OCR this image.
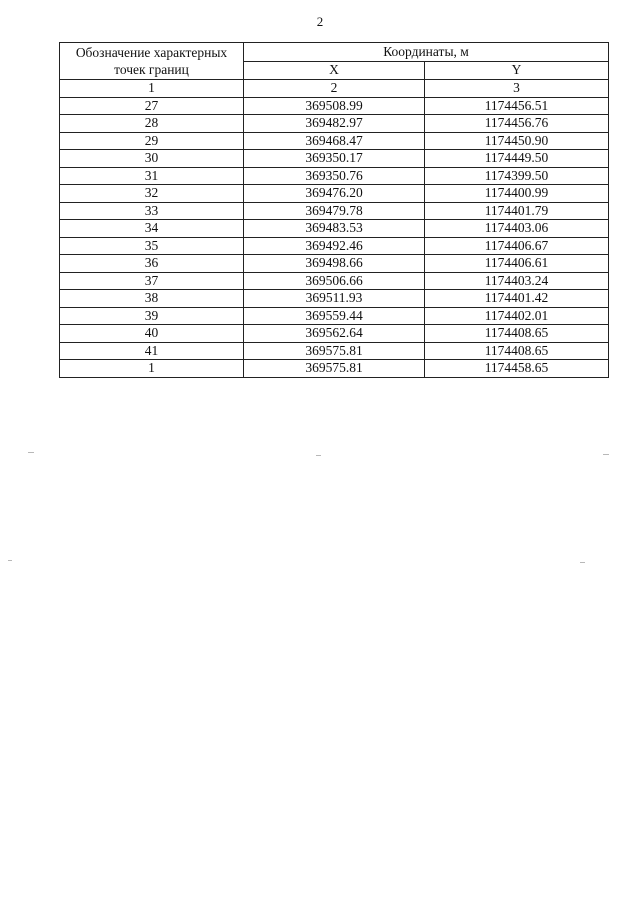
2
Обозначение характерных точек границ	Координаты, м	
	X	Y
1	2	3
27	369508.99	1174456.51
28	369482.97	1174456.76
29	369468.47	1174450.90
30	369350.17	1174449.50
31	369350.76	1174399.50
32	369476.20	1174400.99
33	369479.78	1174401.79
34	369483.53	1174403.06
35	369492.46	1174406.67
36	369498.66	1174406.61
37	369506.66	1174403.24
38	369511.93	1174401.42
39	369559.44	1174402.01
40	369562.64	1174408.65
41	369575.81	1174408.65
1	369575.81	1174458.65
